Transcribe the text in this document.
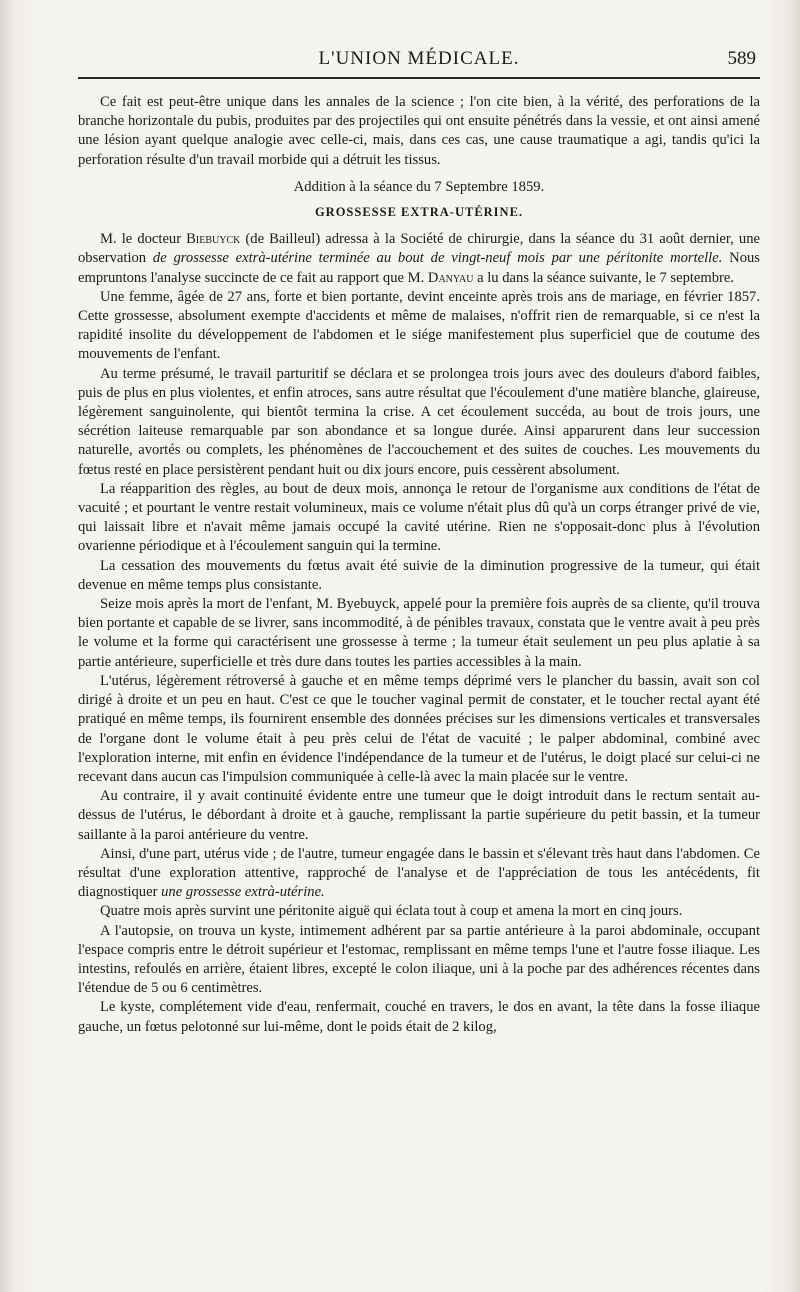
L'UNION MÉDICALE.	589

Ce fait est peut-être unique dans les annales de la science ; l'on cite bien, à la vérité, des perforations de la branche horizontale du pubis, produites par des projectiles qui ont ensuite pénétrés dans la vessie, et ont ainsi amené une lésion ayant quelque analogie avec celle-ci, mais, dans ces cas, une cause traumatique a agi, tandis qu'ici la perforation résulte d'un travail morbide qui a détruit les tissus.

Addition à la séance du 7 Septembre 1859.

GROSSESSE EXTRA-UTÉRINE.

M. le docteur Biebuyck (de Bailleul) adressa à la Société de chirurgie, dans la séance du 31 août dernier, une observation de grossesse extrà-utérine terminée au bout de vingt-neuf mois par une péritonite mortelle. Nous empruntons l'analyse succincte de ce fait au rapport que M. Danyau a lu dans la séance suivante, le 7 septembre.

Une femme, âgée de 27 ans, forte et bien portante, devint enceinte après trois ans de mariage, en février 1857. Cette grossesse, absolument exempte d'accidents et même de malaises, n'offrit rien de remarquable, si ce n'est la rapidité insolite du développement de l'abdomen et le siége manifestement plus superficiel que de coutume des mouvements de l'enfant.

Au terme présumé, le travail parturitif se déclara et se prolongea trois jours avec des douleurs d'abord faibles, puis de plus en plus violentes, et enfin atroces, sans autre résultat que l'écoulement d'une matière blanche, glaireuse, légèrement sanguinolente, qui bientôt termina la crise. A cet écoulement succéda, au bout de trois jours, une sécrétion laiteuse remarquable par son abondance et sa longue durée. Ainsi apparurent dans leur succession naturelle, avortés ou complets, les phénomènes de l'accouchement et des suites de couches. Les mouvements du fœtus resté en place persistèrent pendant huit ou dix jours encore, puis cessèrent absolument.

La réapparition des règles, au bout de deux mois, annonça le retour de l'organisme aux conditions de l'état de vacuité ; et pourtant le ventre restait volumineux, mais ce volume n'était plus dû qu'à un corps étranger privé de vie, qui laissait libre et n'avait même jamais occupé la cavité utérine. Rien ne s'opposait-donc plus à l'évolution ovarienne périodique et à l'écoulement sanguin qui la termine.

La cessation des mouvements du fœtus avait été suivie de la diminution progressive de la tumeur, qui était devenue en même temps plus consistante.

Seize mois après la mort de l'enfant, M. Byebuyck, appelé pour la première fois auprès de sa cliente, qu'il trouva bien portante et capable de se livrer, sans incommodité, à de pénibles travaux, constata que le ventre avait à peu près le volume et la forme qui caractérisent une grossesse à terme ; la tumeur était seulement un peu plus aplatie à sa partie antérieure, superficielle et très dure dans toutes les parties accessibles à la main.

L'utérus, légèrement rétroversé à gauche et en même temps déprimé vers le plancher du bassin, avait son col dirigé à droite et un peu en haut. C'est ce que le toucher vaginal permit de constater, et le toucher rectal ayant été pratiqué en même temps, ils fournirent ensemble des données précises sur les dimensions verticales et transversales de l'organe dont le volume était à peu près celui de l'état de vacuité ; le palper abdominal, combiné avec l'exploration interne, mit enfin en évidence l'indépendance de la tumeur et de l'utérus, le doigt placé sur celui-ci ne recevant dans aucun cas l'impulsion communiquée à celle-là avec la main placée sur le ventre.

Au contraire, il y avait continuité évidente entre une tumeur que le doigt introduit dans le rectum sentait au-dessus de l'utérus, le débordant à droite et à gauche, remplissant la partie supérieure du petit bassin, et la tumeur saillante à la paroi antérieure du ventre.

Ainsi, d'une part, utérus vide ; de l'autre, tumeur engagée dans le bassin et s'élevant très haut dans l'abdomen. Ce résultat d'une exploration attentive, rapproché de l'analyse et de l'appréciation de tous les antécédents, fit diagnostiquer une grossesse extrà-utérine.

Quatre mois après survint une péritonite aiguë qui éclata tout à coup et amena la mort en cinq jours.

A l'autopsie, on trouva un kyste, intimement adhérent par sa partie antérieure à la paroi abdominale, occupant l'espace compris entre le détroit supérieur et l'estomac, remplissant en même temps l'une et l'autre fosse iliaque. Les intestins, refoulés en arrière, étaient libres, excepté le colon iliaque, uni à la poche par des adhérences récentes dans l'étendue de 5 ou 6 centimètres.

Le kyste, complétement vide d'eau, renfermait, couché en travers, le dos en avant, la tête dans la fosse iliaque gauche, un fœtus pelotonné sur lui-même, dont le poids était de 2 kilog,
